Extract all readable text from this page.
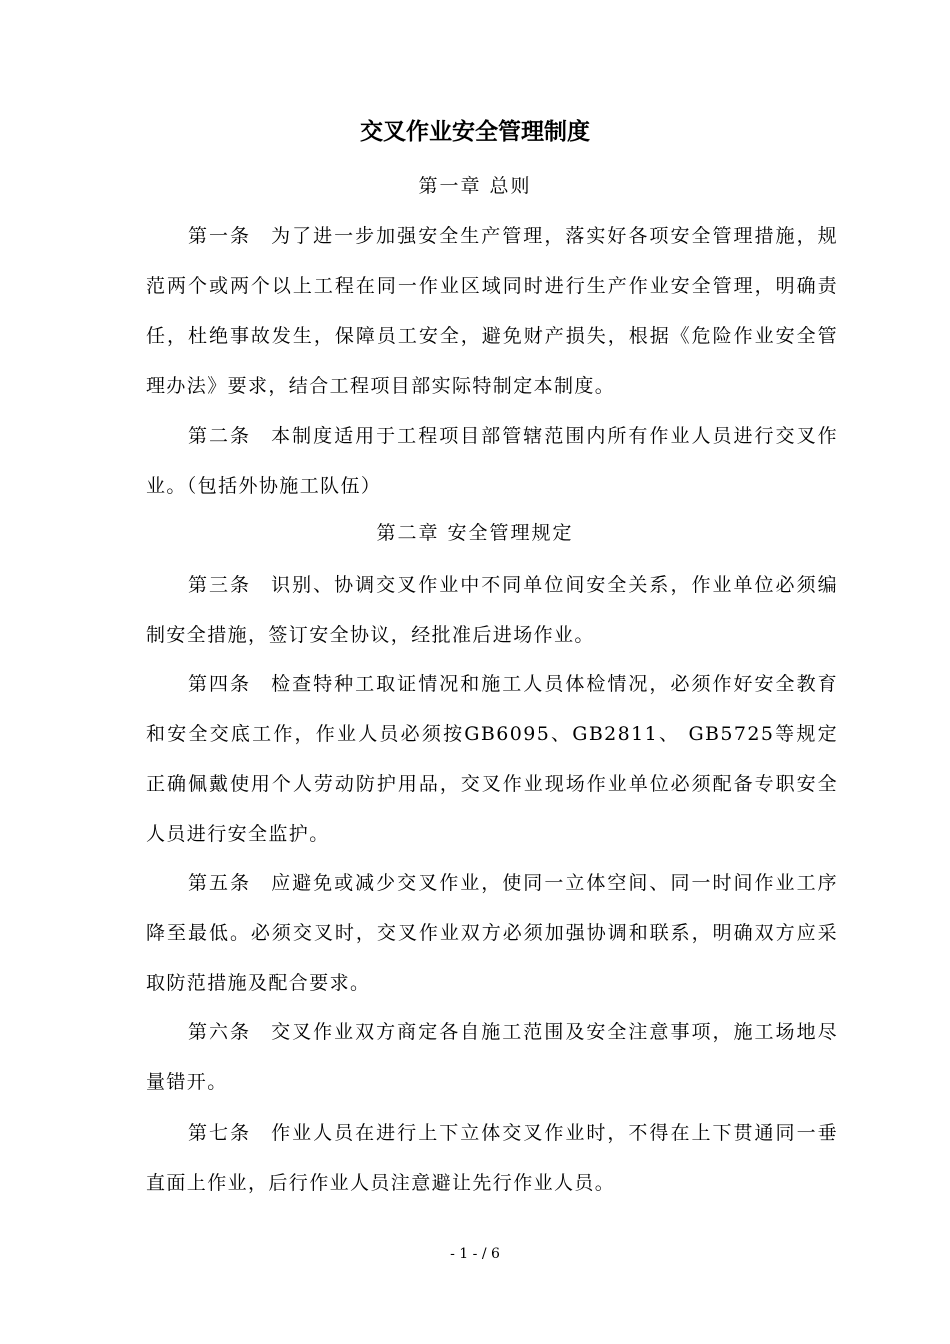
交叉作业安全管理制度
第一章 总则

第一条 为了进一步加强安全生产管理，落实好各项安全管理措施，规范两个或两个以上工程在同一作业区域同时进行生产作业安全管理，明确责任，杜绝事故发生，保障员工安全，避免财产损失，根据《危险作业安全管理办法》要求，结合工程项目部实际特制定本制度。

第二条 本制度适用于工程项目部管辖范围内所有作业人员进行交叉作业。（包括外协施工队伍）

第二章 安全管理规定

第三条 识别、协调交叉作业中不同单位间安全关系，作业单位必须编制安全措施，签订安全协议，经批准后进场作业。

第四条 检查特种工取证情况和施工人员体检情况，必须作好安全教育和安全交底工作，作业人员必须按GB6095、GB2811、 GB5725等规定正确佩戴使用个人劳动防护用品，交叉作业现场作业单位必须配备专职安全人员进行安全监护。

第五条 应避免或减少交叉作业，使同一立体空间、同一时间作业工序降至最低。必须交叉时，交叉作业双方必须加强协调和联系，明确双方应采取防范措施及配合要求。

第六条 交叉作业双方商定各自施工范围及安全注意事项，施工场地尽量错开。

第七条 作业人员在进行上下立体交叉作业时，不得在上下贯通同一垂直面上作业，后行作业人员注意避让先行作业人员。

- 1 - / 6
